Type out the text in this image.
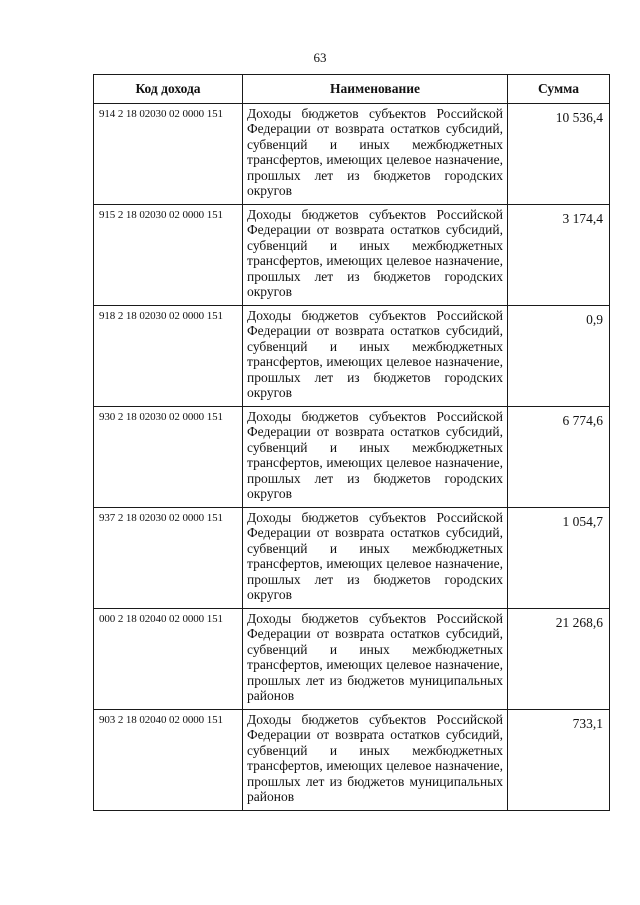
63
Код дохода	Наименование	Сумма
914 2 18 02030 02 0000 151	Доходы бюджетов субъектов Российской Федерации от возврата остатков субсидий, субвенций и иных межбюджетных трансфертов, имеющих целевое назначение, прошлых лет из бюджетов городских округов	10 536,4
915 2 18 02030 02 0000 151	Доходы бюджетов субъектов Российской Федерации от возврата остатков субсидий, субвенций и иных межбюджетных трансфертов, имеющих целевое назначение, прошлых лет из бюджетов городских округов	3 174,4
918 2 18 02030 02 0000 151	Доходы бюджетов субъектов Российской Федерации от возврата остатков субсидий, субвенций и иных межбюджетных трансфертов, имеющих целевое назначение, прошлых лет из бюджетов городских округов	0,9
930 2 18 02030 02 0000 151	Доходы бюджетов субъектов Российской Федерации от возврата остатков субсидий, субвенций и иных межбюджетных трансфертов, имеющих целевое назначение, прошлых лет из бюджетов городских округов	6 774,6
937 2 18 02030 02 0000 151	Доходы бюджетов субъектов Российской Федерации от возврата остатков субсидий, субвенций и иных межбюджетных трансфертов, имеющих целевое назначение, прошлых лет из бюджетов городских округов	1 054,7
000 2 18 02040 02 0000 151	Доходы бюджетов субъектов Российской Федерации от возврата остатков субсидий, субвенций и иных межбюджетных трансфертов, имеющих целевое назначение, прошлых лет из бюджетов муниципальных районов	21 268,6
903 2 18 02040 02 0000 151	Доходы бюджетов субъектов Российской Федерации от возврата остатков субсидий, субвенций и иных межбюджетных трансфертов, имеющих целевое назначение, прошлых лет из бюджетов муниципальных районов	733,1
